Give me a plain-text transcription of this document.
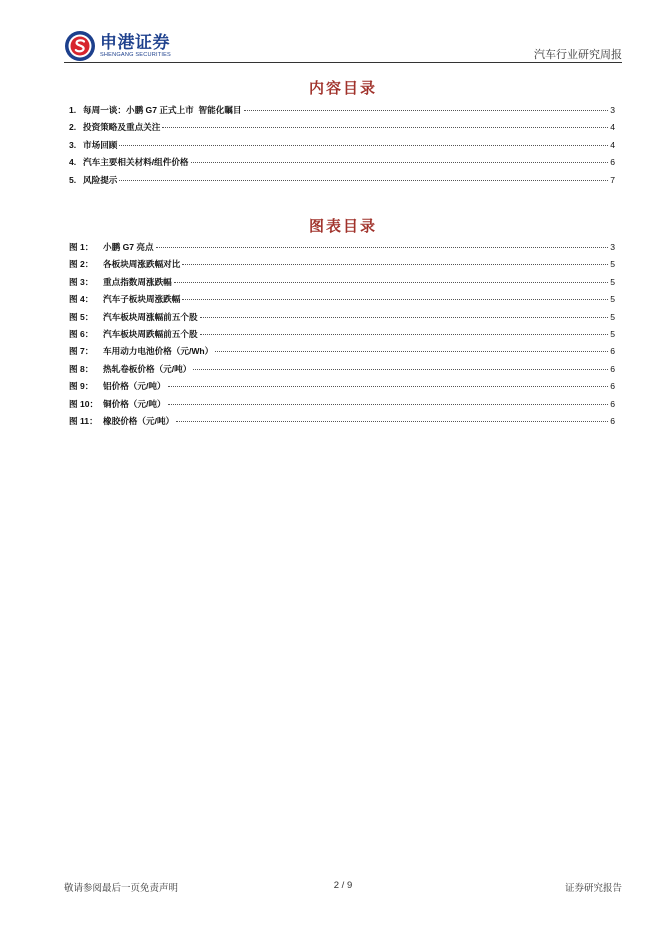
申港证券
SHENGANG SECURITIES	汽车行业研究周报
内容目录
1. 每周一谈：小鹏 G7 正式上市  智能化瞩目	3
2. 投资策略及重点关注	4
3. 市场回顾	4
4. 汽车主要相关材料/组件价格	6
5. 风险提示	7
图表目录
图 1：	小鹏 G7 亮点	3
图 2：	各板块周涨跌幅对比	5
图 3：	重点指数周涨跌幅	5
图 4：	汽车子板块周涨跌幅	5
图 5：	汽车板块周涨幅前五个股	5
图 6：	汽车板块周跌幅前五个股	5
图 7：	车用动力电池价格（元/Wh）	6
图 8：	热轧卷板价格（元/吨）	6
图 9：	铝价格（元/吨）	6
图 10： 铜价格（元/吨）	6
图 11： 橡胶价格（元/吨）	6
敬请参阅最后一页免责声明	2 / 9	证券研究报告
